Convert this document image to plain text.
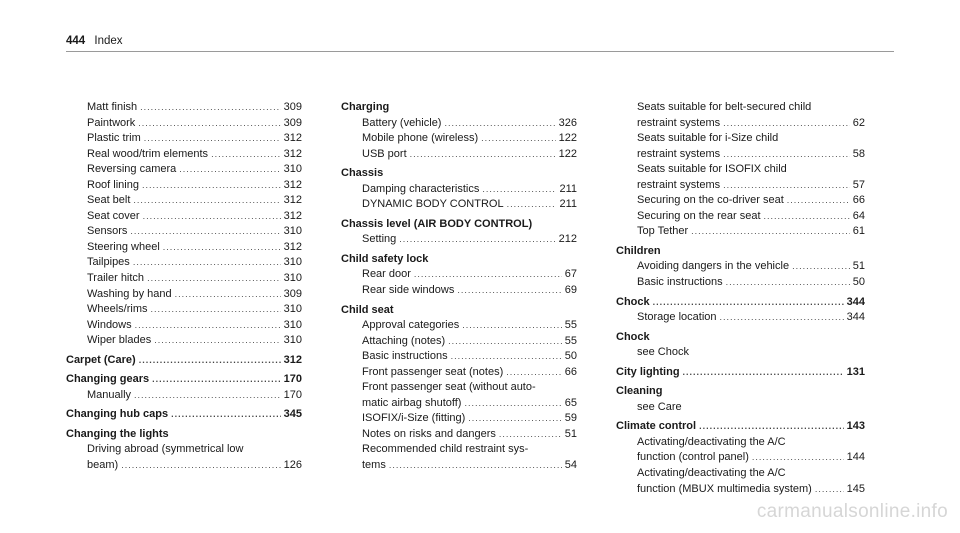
444 Index
Matt finish .....	309
Paintwork .....	309
Plastic trim .....	312
Real wood/trim elements .....	312
Reversing camera .....	310
Roof lining .....	312
Seat belt .....	312
Seat cover .....	312
Sensors .....	310
Steering wheel .....	312
Tailpipes .....	310
Trailer hitch .....	310
Washing by hand .....	309
Wheels/rims .....	310
Windows .....	310
Wiper blades .....	310
Carpet (Care) .....	312
Changing gears .....	170
Manually .....	170
Changing hub caps .....	345
Changing the lights
Driving abroad (symmetrical low
beam) .....	126
Charging
Battery (vehicle) .....	326
Mobile phone (wireless) .....	122
USB port .....	122
Chassis
Damping characteristics .....	211
DYNAMIC BODY CONTROL .....	211
Chassis level (AIR BODY CONTROL)
Setting .....	212
Child safety lock
Rear door .....	67
Rear side windows .....	69
Child seat
Approval categories .....	55
Attaching (notes) .....	55
Basic instructions .....	50
Front passenger seat (notes) .....	66
Front passenger seat (without auto-
matic airbag shutoff) .....	65
ISOFIX/i-Size (fitting) .....	59
Notes on risks and dangers .....	51
Recommended child restraint sys-
tems .....	54
Seats suitable for belt-secured child
restraint systems .....	62
Seats suitable for i-Size child
restraint systems .....	58
Seats suitable for ISOFIX child
restraint systems .....	57
Securing on the co-driver seat .....	66
Securing on the rear seat .....	64
Top Tether .....	61
Children
Avoiding dangers in the vehicle .....	51
Basic instructions .....	50
Chock .....	344
Storage location .....	344
Chock
see Chock
City lighting .....	131
Cleaning
see Care
Climate control .....	143
Activating/deactivating the A/C
function (control panel) .....	144
Activating/deactivating the A/C
function (MBUX multimedia system) .....	145
carmanualsonline.info
